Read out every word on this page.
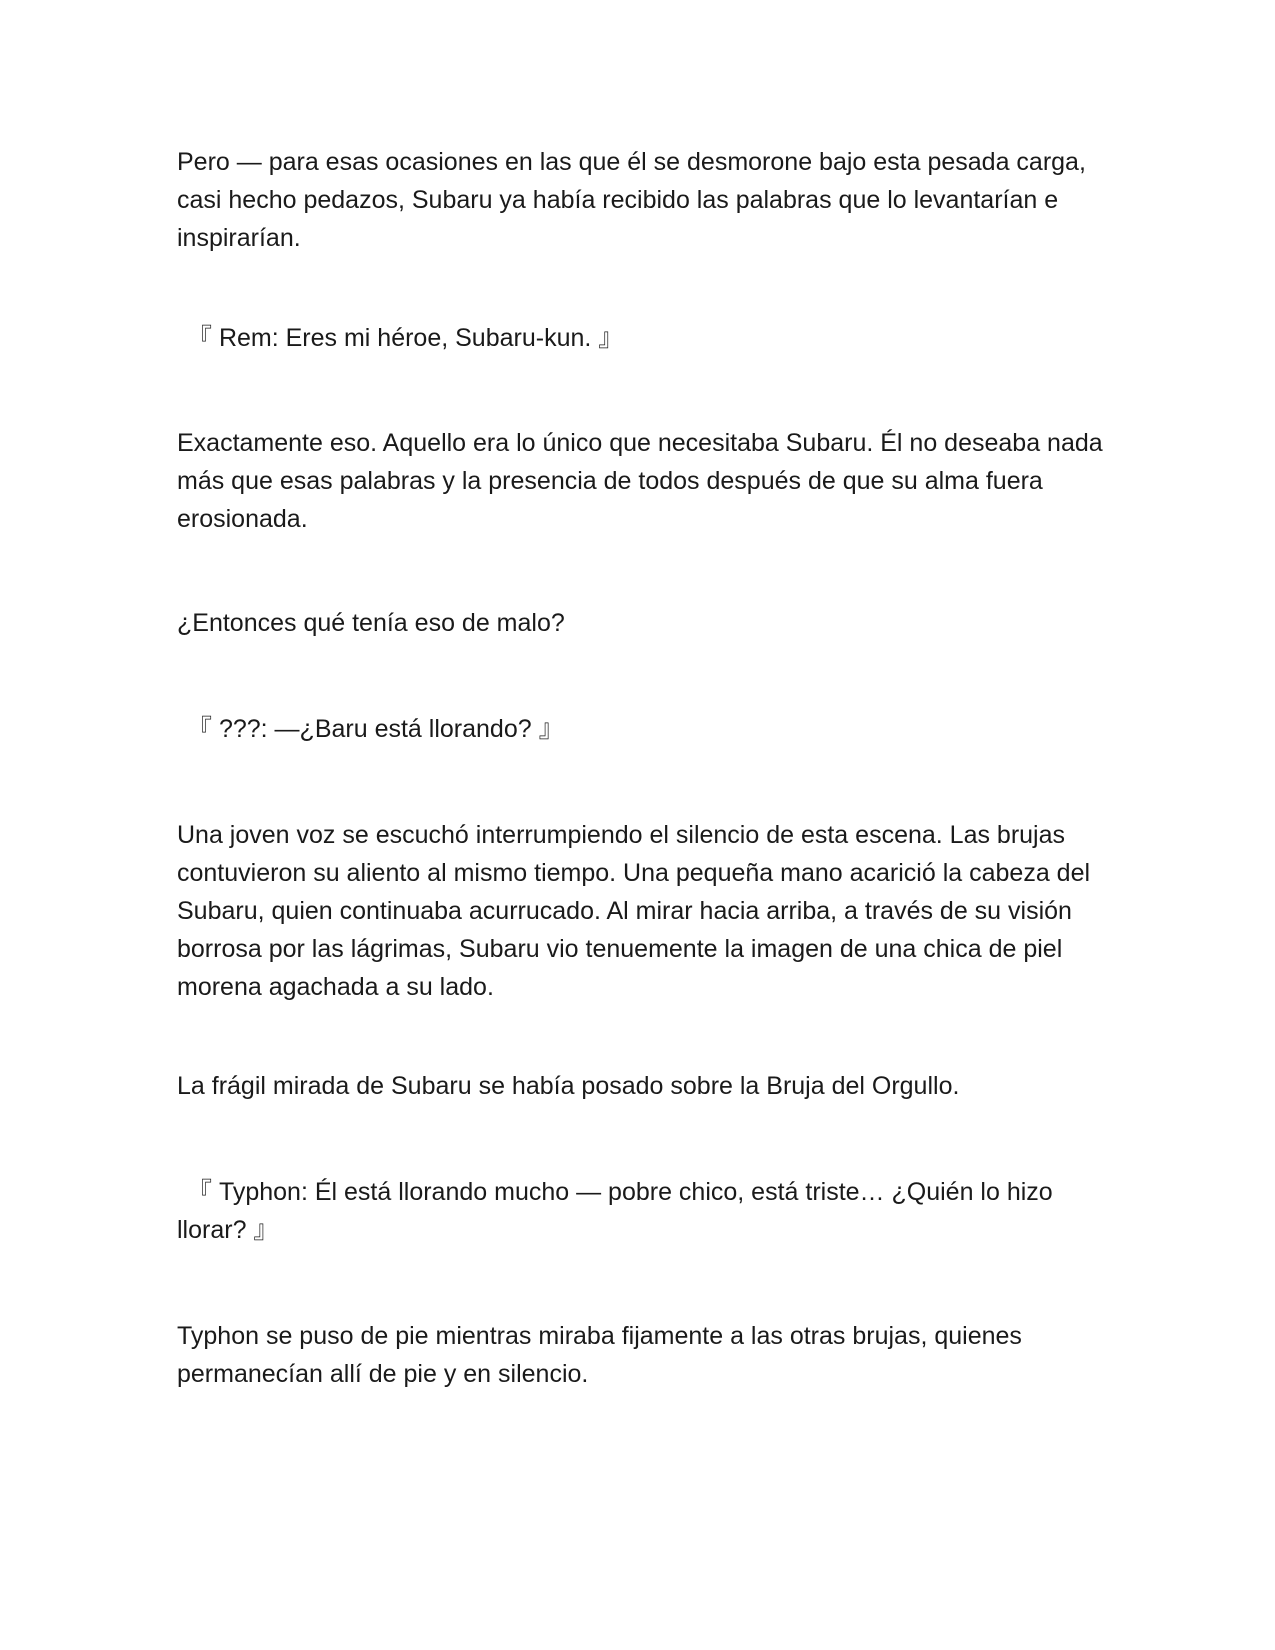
Pero — para esas ocasiones en las que él se desmorone bajo esta pesada carga, casi hecho pedazos, Subaru ya había recibido las palabras que lo levantarían e inspirarían.

『 Rem: Eres mi héroe, Subaru-kun. 』

Exactamente eso. Aquello era lo único que necesitaba Subaru. Él no deseaba nada más que esas palabras y la presencia de todos después de que su alma fuera erosionada.

¿Entonces qué tenía eso de malo?

『 ???: —¿Baru está llorando? 』

Una joven voz se escuchó interrumpiendo el silencio de esta escena. Las brujas contuvieron su aliento al mismo tiempo. Una pequeña mano acarició la cabeza del Subaru, quien continuaba acurrucado. Al mirar hacia arriba, a través de su visión borrosa por las lágrimas, Subaru vio tenuemente la imagen de una chica de piel morena agachada a su lado.

La frágil mirada de Subaru se había posado sobre la Bruja del Orgullo.

『 Typhon: Él está llorando mucho — pobre chico, está triste… ¿Quién lo hizo llorar? 』

Typhon se puso de pie mientras miraba fijamente a las otras brujas, quienes permanecían allí de pie y en silencio.
